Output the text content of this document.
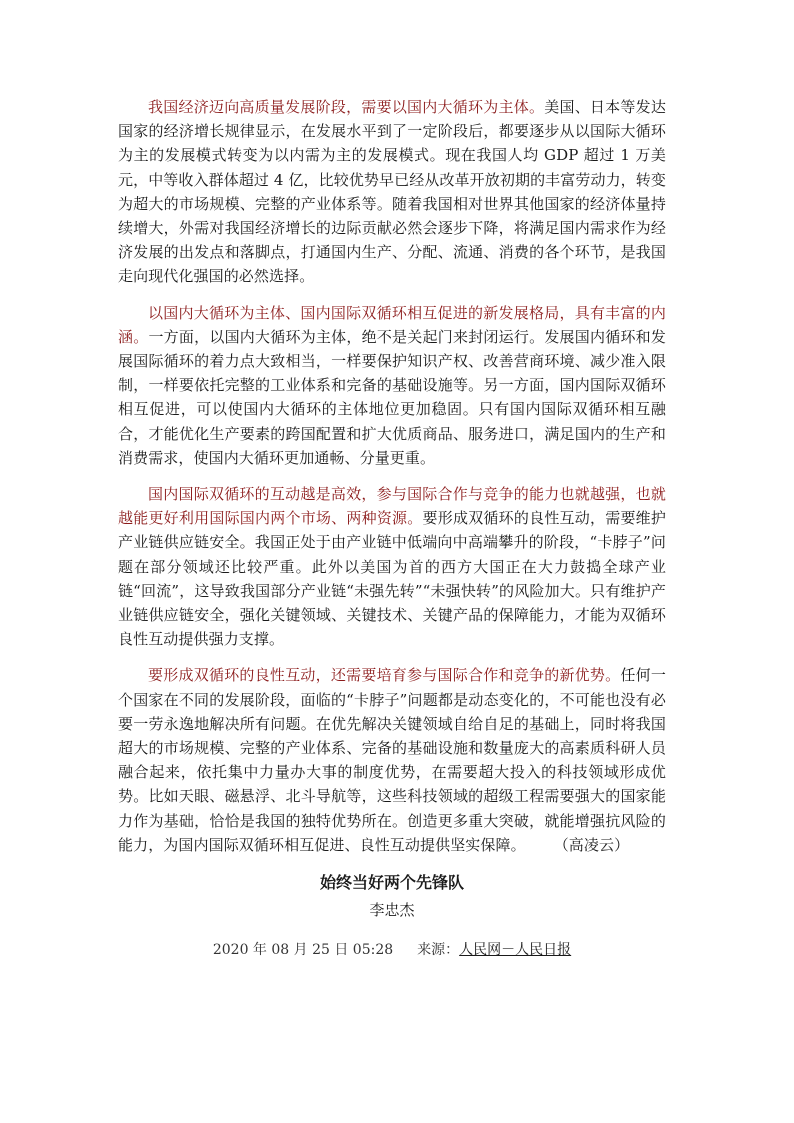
我国经济迈向高质量发展阶段，需要以国内大循环为主体。美国、日本等发达国家的经济增长规律显示，在发展水平到了一定阶段后，都要逐步从以国际大循环为主的发展模式转变为以内需为主的发展模式。现在我国人均 GDP 超过 1 万美元，中等收入群体超过 4 亿，比较优势早已经从改革开放初期的丰富劳动力，转变为超大的市场规模、完整的产业体系等。随着我国相对世界其他国家的经济体量持续增大，外需对我国经济增长的边际贡献必然会逐步下降，将满足国内需求作为经济发展的出发点和落脚点，打通国内生产、分配、流通、消费的各个环节，是我国走向现代化强国的必然选择。

以国内大循环为主体、国内国际双循环相互促进的新发展格局，具有丰富的内涵。一方面，以国内大循环为主体，绝不是关起门来封闭运行。发展国内循环和发展国际循环的着力点大致相当，一样要保护知识产权、改善营商环境、减少准入限制，一样要依托完整的工业体系和完备的基础设施等。另一方面，国内国际双循环相互促进，可以使国内大循环的主体地位更加稳固。只有国内国际双循环相互融合，才能优化生产要素的跨国配置和扩大优质商品、服务进口，满足国内的生产和消费需求，使国内大循环更加通畅、分量更重。

国内国际双循环的互动越是高效，参与国际合作与竞争的能力也就越强，也就越能更好利用国际国内两个市场、两种资源。要形成双循环的良性互动，需要维护产业链供应链安全。我国正处于由产业链中低端向中高端攀升的阶段，“卡脖子”问题在部分领域还比较严重。此外以美国为首的西方大国正在大力鼓捣全球产业链“回流”，这导致我国部分产业链“未强先转”“未强快转”的风险加大。只有维护产业链供应链安全，强化关键领域、关键技术、关键产品的保障能力，才能为双循环良性互动提供强力支撑。

要形成双循环的良性互动，还需要培育参与国际合作和竞争的新优势。任何一个国家在不同的发展阶段，面临的“卡脖子”问题都是动态变化的，不可能也没有必要一劳永逸地解决所有问题。在优先解决关键领域自给自足的基础上，同时将我国超大的市场规模、完整的产业体系、完备的基础设施和数量庞大的高素质科研人员融合起来，依托集中力量办大事的制度优势，在需要超大投入的科技领域形成优势。比如天眼、磁悬浮、北斗导航等，这些科技领域的超级工程需要强大的国家能力作为基础，恰恰是我国的独特优势所在。创造更多重大突破，就能增强抗风险的能力，为国内国际双循环相互促进、良性互动提供坚实保障。 （高凌云）

始终当好两个先锋队
李忠杰
2020 年 08 月 25 日 05:28 来源：人民网－人民日报
